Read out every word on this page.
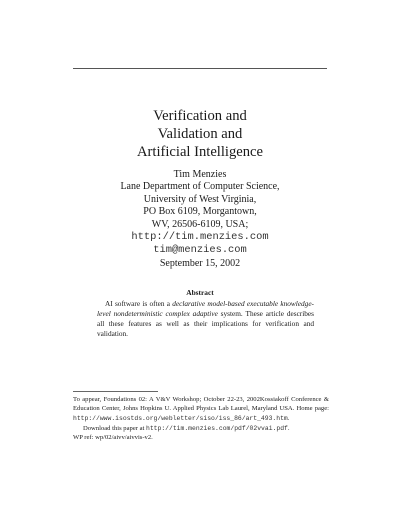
Verification and
Validation and
Artificial Intelligence
Tim Menzies
Lane Department of Computer Science,
University of West Virginia,
PO Box 6109, Morgantown,
WV, 26506-6109, USA;
http://tim.menzies.com
tim@menzies.com
September 15, 2002
Abstract
AI software is often a declarative model-based executable knowledge-level nondeterministic complex adaptive system. These article describes all these features as well as their implications for verification and validation.

To appear, Foundations 02: A V&V Workshop; October 22-23, 2002Kossiakoff Conference & Education Center, Johns Hopkins U. Applied Physics Lab Laurel, Maryland USA. Home page: http://www.isostds.org/webletter/siso/iss_86/art_493.htm.

Download this paper at http://tim.menzies.com/pdf/02vvai.pdf.

WP ref: wp/02/aivv/aivvis-v2.
